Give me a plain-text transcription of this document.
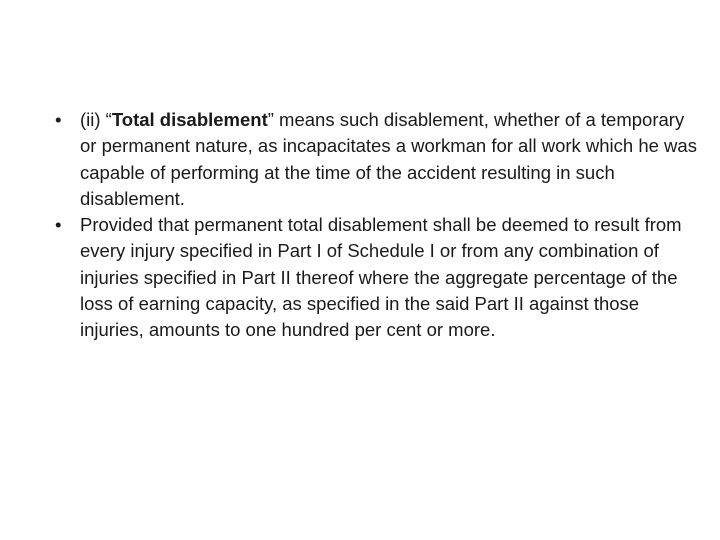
• (ii) “Total disablement” means such disablement, whether of a temporary or permanent nature, as incapacitates a workman for all work which he was capable of performing at the time of the accident resulting in such disablement.
• Provided that permanent total disablement shall be deemed to result from every injury specified in Part I of Schedule I or from any combination of injuries specified in Part II thereof where the aggregate percentage of the loss of earning capacity, as specified in the said Part II against those injuries, amounts to one hundred per cent or more.
